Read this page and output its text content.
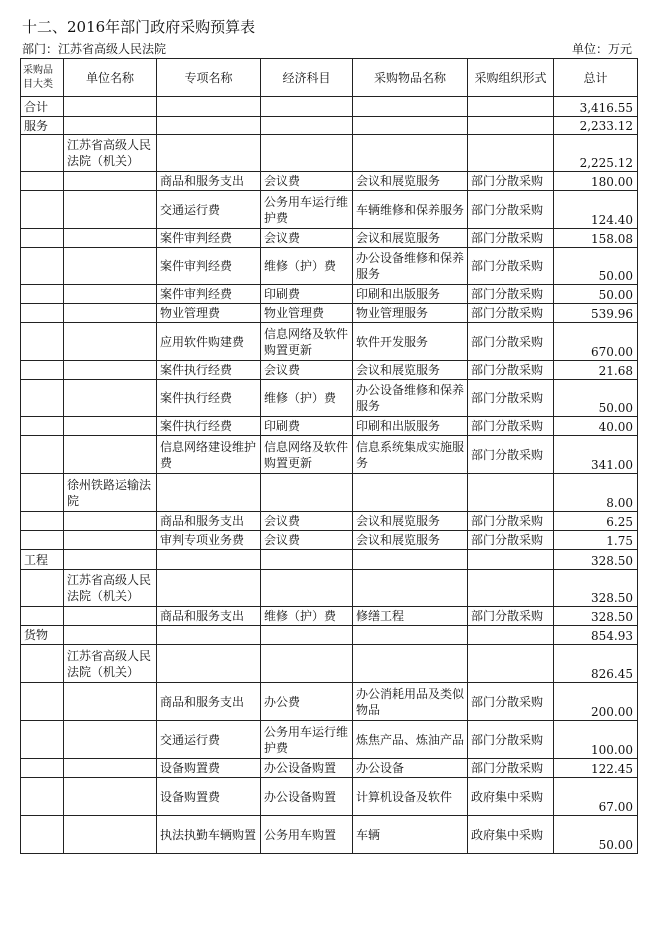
十二、2016年部门政府采购预算表
部门：江苏省高级人民法院	单位：万元
采购品目大类	单位名称	专项名称	经济科目	采购物品名称	采购组织形式	总计
合计						3,416.55
服务						2,233.12
	江苏省高级人民法院（机关）					2,225.12
		商品和服务支出	会议费	会议和展览服务	部门分散采购	180.00
		交通运行费	公务用车运行维护费	车辆维修和保养服务	部门分散采购	124.40
		案件审判经费	会议费	会议和展览服务	部门分散采购	158.08
		案件审判经费	维修（护）费	办公设备维修和保养服务	部门分散采购	50.00
		案件审判经费	印刷费	印刷和出版服务	部门分散采购	50.00
		物业管理费	物业管理费	物业管理服务	部门分散采购	539.96
		应用软件购建费	信息网络及软件购置更新	软件开发服务	部门分散采购	670.00
		案件执行经费	会议费	会议和展览服务	部门分散采购	21.68
		案件执行经费	维修（护）费	办公设备维修和保养服务	部门分散采购	50.00
		案件执行经费	印刷费	印刷和出版服务	部门分散采购	40.00
		信息网络建设维护费	信息网络及软件购置更新	信息系统集成实施服务	部门分散采购	341.00
	徐州铁路运输法院					8.00
		商品和服务支出	会议费	会议和展览服务	部门分散采购	6.25
		审判专项业务费	会议费	会议和展览服务	部门分散采购	1.75
工程						328.50
	江苏省高级人民法院（机关）					328.50
		商品和服务支出	维修（护）费	修缮工程	部门分散采购	328.50
货物						854.93
	江苏省高级人民法院（机关）					826.45
		商品和服务支出	办公费	办公消耗用品及类似物品	部门分散采购	200.00
		交通运行费	公务用车运行维护费	炼焦产品、炼油产品	部门分散采购	100.00
		设备购置费	办公设备购置	办公设备	部门分散采购	122.45
		设备购置费	办公设备购置	计算机设备及软件	政府集中采购	67.00
		执法执勤车辆购置	公务用车购置	车辆	政府集中采购	50.00
